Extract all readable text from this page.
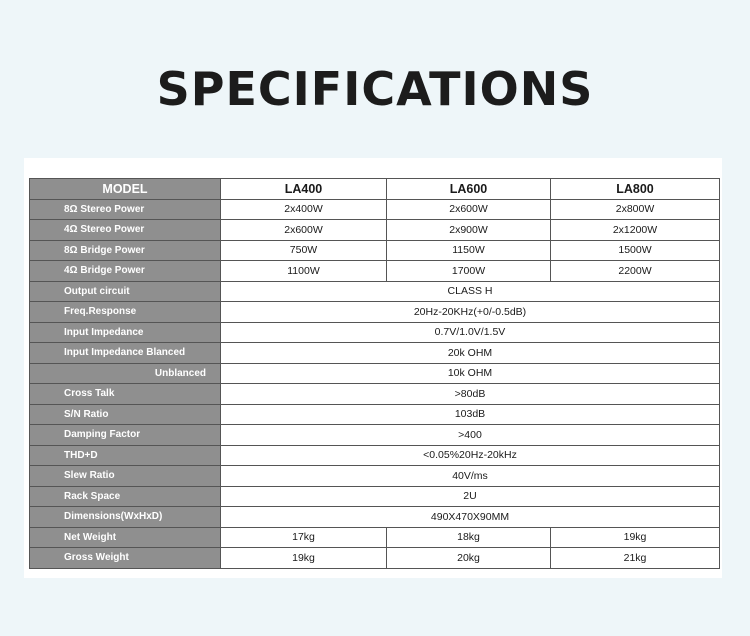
SPECIFICATIONS
MODEL	LA400	LA600	LA800
8Ω Stereo Power	2x400W	2x600W	2x800W
4Ω Stereo Power	2x600W	2x900W	2x1200W
8Ω Bridge Power	750W	1150W	1500W
4Ω Bridge Power	1100W	1700W	2200W
Output circuit	CLASS H		
Freq.Response	20Hz-20KHz(+0/-0.5dB)		
Input Impedance	0.7V/1.0V/1.5V		
Input Impedance Blanced	20k OHM		
Unblanced	10k OHM		
Cross Talk	>80dB		
S/N Ratio	103dB		
Damping Factor	>400		
THD+D	<0.05%20Hz-20kHz		
Slew Ratio	40V/ms		
Rack Space	2U		
Dimensions(WxHxD)	490X470X90MM		
Net Weight	17kg	18kg	19kg
Gross Weight	19kg	20kg	21kg
